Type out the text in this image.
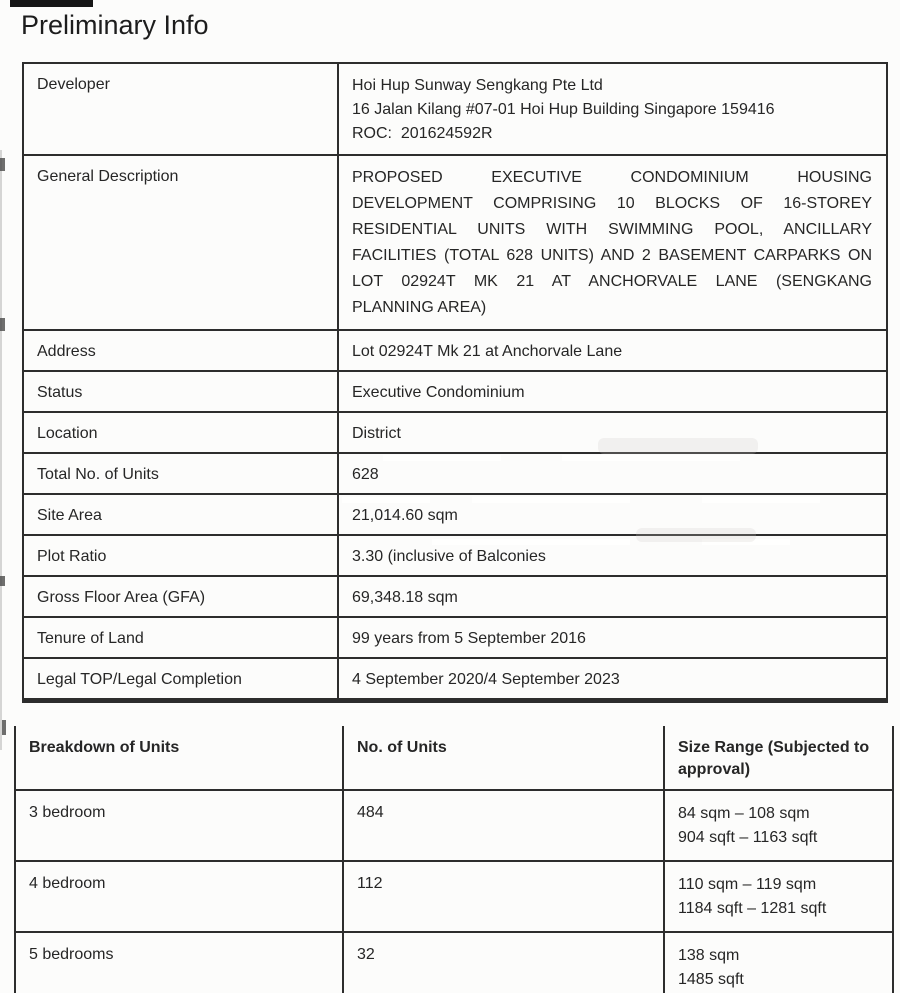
Preliminary Info
Developer	Hoi Hup Sunway Sengkang Pte Ltd
16 Jalan Kilang #07-01 Hoi Hup Building Singapore 159416
ROC:  201624592R

General Description	PROPOSED EXECUTIVE CONDOMINIUM HOUSING
DEVELOPMENT COMPRISING 10 BLOCKS OF 16-STOREY
RESIDENTIAL UNITS WITH SWIMMING POOL, ANCILLARY
FACILITIES (TOTAL 628 UNITS) AND 2 BASEMENT CARPARKS ON
LOT 02924T MK 21 AT ANCHORVALE LANE (SENGKANG
PLANNING AREA)

Address	Lot 02924T Mk 21 at Anchorvale Lane
Status	Executive Condominium
Location	District
Total No. of Units	628
Site Area	21,014.60 sqm
Plot Ratio	3.30 (inclusive of Balconies
Gross Floor Area (GFA)	69,348.18 sqm
Tenure of Land	99 years from 5 September 2016
Legal TOP/Legal Completion	4 September 2020/4 September 2023
Breakdown of Units	No. of Units	Size Range (Subjected to approval)
3 bedroom	484	84 sqm – 108 sqm
904 sqft – 1163 sqft

4 bedroom	112	110 sqm – 119 sqm
1184 sqft – 1281 sqft

5 bedrooms	32	138 sqm
1485 sqft
